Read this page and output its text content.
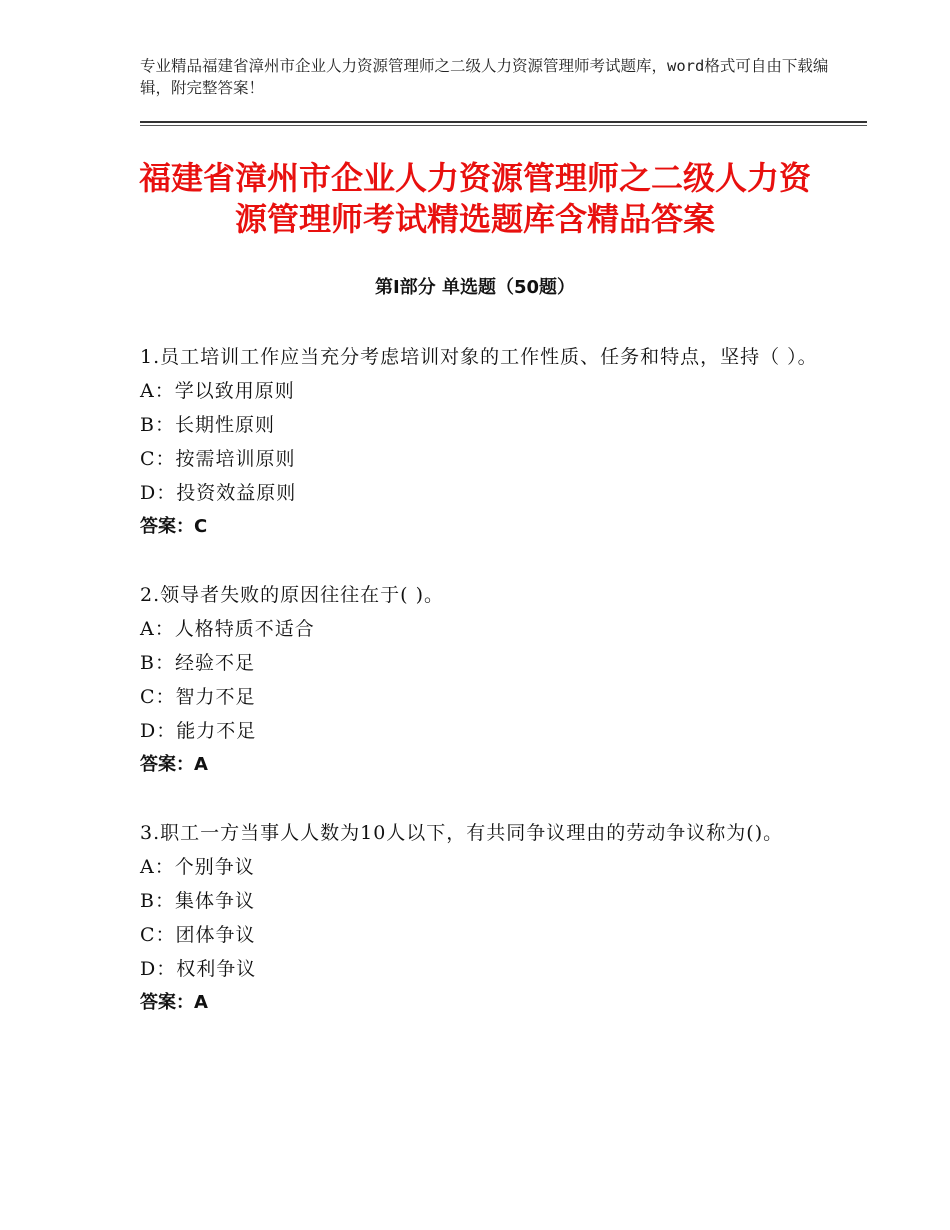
专业精品福建省漳州市企业人力资源管理师之二级人力资源管理师考试题库，word格式可自由下载编辑，附完整答案！
福建省漳州市企业人力资源管理师之二级人力资源管理师考试精选题库含精品答案
第Ⅰ部分 单选题（50题）

1.员工培训工作应当充分考虑培训对象的工作性质、任务和特点，坚持（ ）。

A：学以致用原则

B：长期性原则

C：按需培训原则

D：投资效益原则

答案：C

2.领导者失败的原因往往在于( )。

A：人格特质不适合

B：经验不足

C：智力不足

D：能力不足

答案：A

3.职工一方当事人人数为10人以下，有共同争议理由的劳动争议称为()。

A：个别争议

B：集体争议

C：团体争议

D：权利争议

答案：A
